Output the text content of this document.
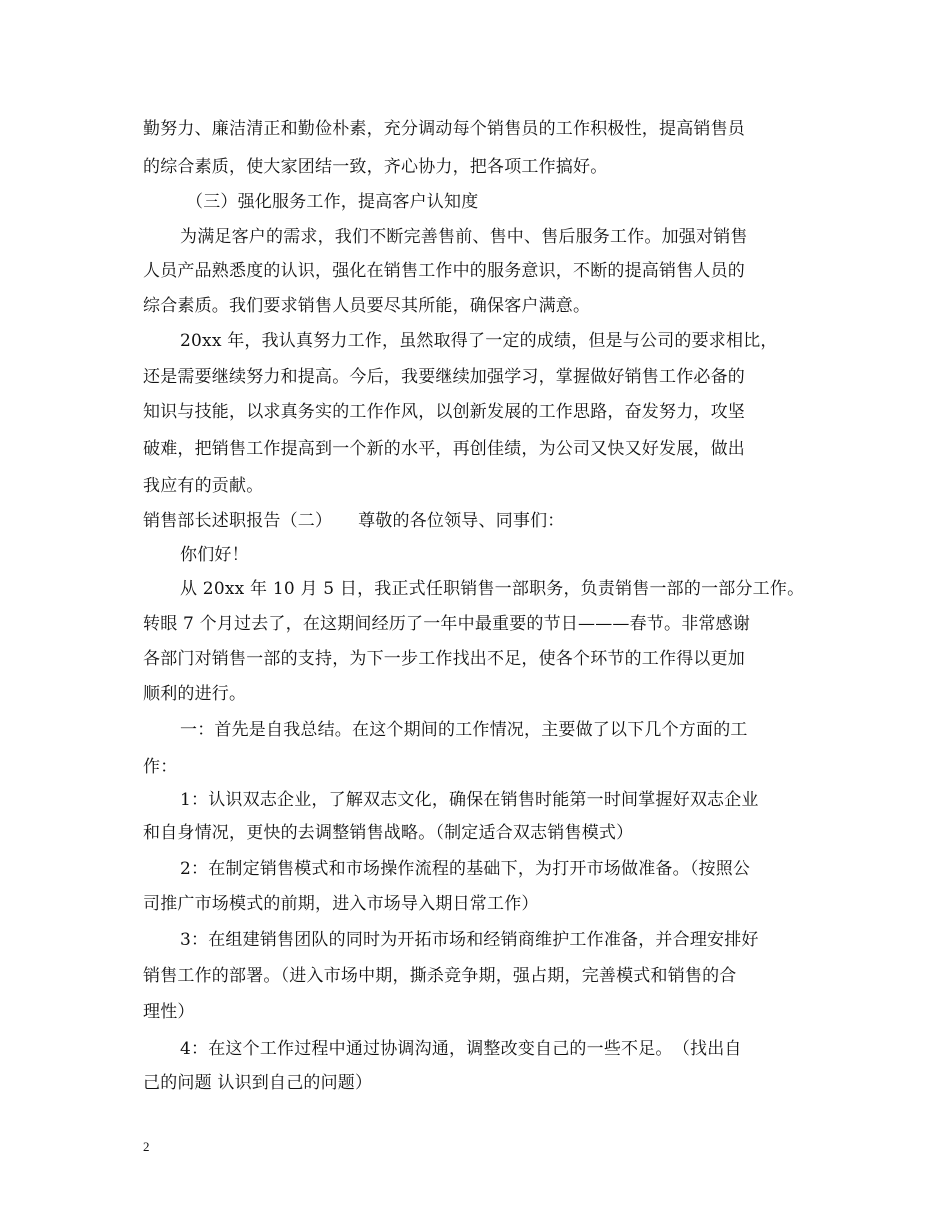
勤努力、廉洁清正和勤俭朴素，充分调动每个销售员的工作积极性，提高销售员
的综合素质，使大家团结一致，齐心协力，把各项工作搞好。
（三）强化服务工作，提高客户认知度
为满足客户的需求，我们不断完善售前、售中、售后服务工作。加强对销售
人员产品熟悉度的认识，强化在销售工作中的服务意识，不断的提高销售人员的
综合素质。我们要求销售人员要尽其所能，确保客户满意。
20xx 年，我认真努力工作，虽然取得了一定的成绩，但是与公司的要求相比，
还是需要继续努力和提高。今后，我要继续加强学习，掌握做好销售工作必备的
知识与技能，以求真务实的工作作风，以创新发展的工作思路，奋发努力，攻坚
破难，把销售工作提高到一个新的水平，再创佳绩，为公司又快又好发展，做出
我应有的贡献。
销售部长述职报告（二）　　尊敬的各位领导、同事们：
你们好！
从 20xx 年 10 月 5 日，我正式任职销售一部职务，负责销售一部的一部分工作。
转眼 7 个月过去了，在这期间经历了一年中最重要的节日———春节。非常感谢
各部门对销售一部的支持，为下一步工作找出不足，使各个环节的工作得以更加
顺利的进行。
一：首先是自我总结。在这个期间的工作情况，主要做了以下几个方面的工
作：
1：认识双志企业，了解双志文化，确保在销售时能第一时间掌握好双志企业
和自身情况，更快的去调整销售战略。（制定适合双志销售模式）
2：在制定销售模式和市场操作流程的基础下，为打开市场做准备。（按照公
司推广市场模式的前期，进入市场导入期日常工作）
3：在组建销售团队的同时为开拓市场和经销商维护工作准备，并合理安排好
销售工作的部署。（进入市场中期，撕杀竞争期，强占期，完善模式和销售的合
理性）
4：在这个工作过程中通过协调沟通，调整改变自己的一些不足。　（找出自
己的问题 认识到自己的问题）
2
